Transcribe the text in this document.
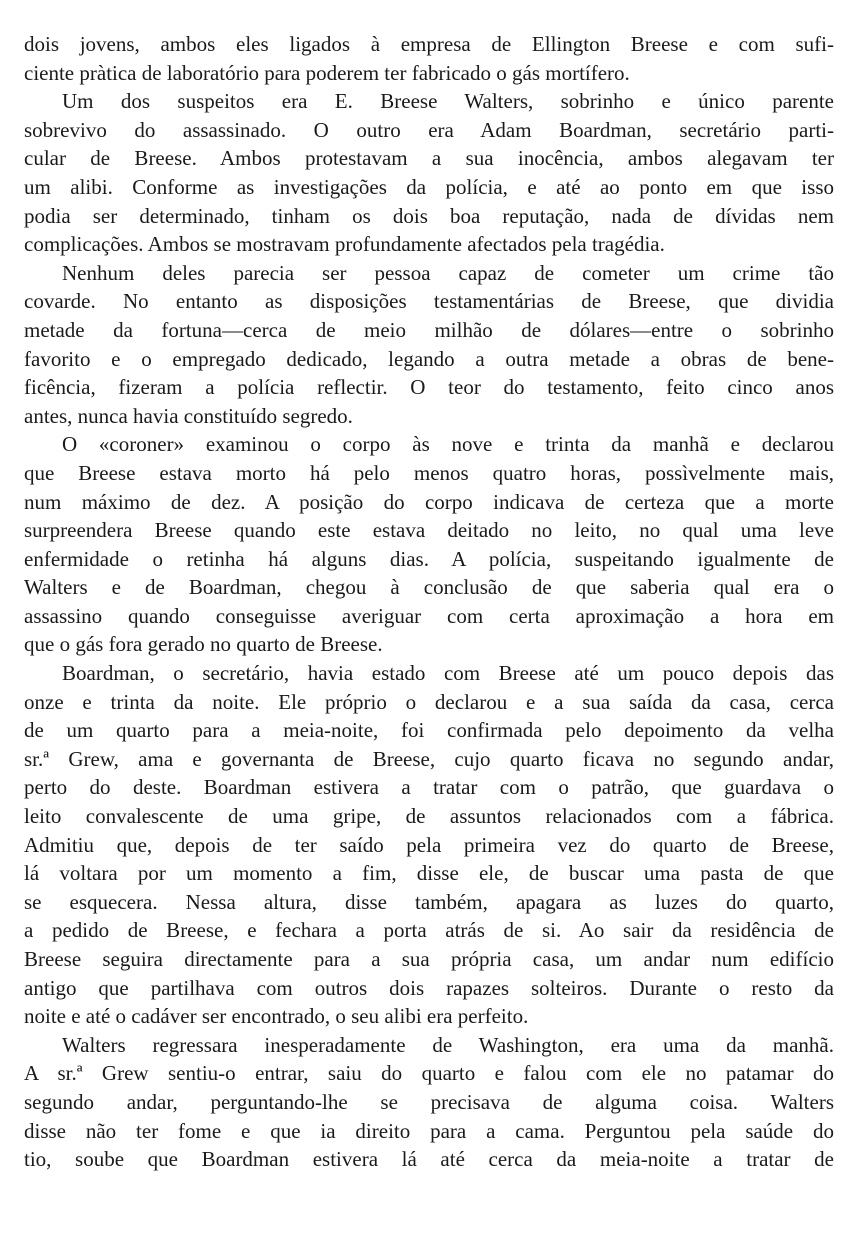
dois jovens, ambos eles ligados à empresa de Ellington Breese e com sufi-
ciente pràtica de laboratório para poderem ter fabricado o gás mortífero.
Um dos suspeitos era E. Breese Walters, sobrinho e único parente
sobrevivo do assassinado. O outro era Adam Boardman, secretário parti-
cular de Breese. Ambos protestavam a sua inocência, ambos alegavam ter
um alibi. Conforme as investigações da polícia, e até ao ponto em que isso
podia ser determinado, tinham os dois boa reputação, nada de dívidas nem
complicações. Ambos se mostravam profundamente afectados pela tragédia.
Nenhum deles parecia ser pessoa capaz de cometer um crime tão
covarde. No entanto as disposições testamentárias de Breese, que dividia
metade da fortuna—cerca de meio milhão de dólares—entre o sobrinho
favorito e o empregado dedicado, legando a outra metade a obras de bene-
ficência, fizeram a polícia reflectir. O teor do testamento, feito cinco anos
antes, nunca havia constituído segredo.
O «coroner» examinou o corpo às nove e trinta da manhã e declarou
que Breese estava morto há pelo menos quatro horas, possìvelmente mais,
num máximo de dez. A posição do corpo indicava de certeza que a morte
surpreendera Breese quando este estava deitado no leito, no qual uma leve
enfermidade o retinha há alguns dias. A polícia, suspeitando igualmente de
Walters e de Boardman, chegou à conclusão de que saberia qual era o
assassino quando conseguisse averiguar com certa aproximação a hora em
que o gás fora gerado no quarto de Breese.
Boardman, o secretário, havia estado com Breese até um pouco depois das
onze e trinta da noite. Ele próprio o declarou e a sua saída da casa, cerca
de um quarto para a meia-noite, foi confirmada pelo depoimento da velha
sr.ª Grew, ama e governanta de Breese, cujo quarto ficava no segundo andar,
perto do deste. Boardman estivera a tratar com o patrão, que guardava o
leito convalescente de uma gripe, de assuntos relacionados com a fábrica.
Admitiu que, depois de ter saído pela primeira vez do quarto de Breese,
lá voltara por um momento a fim, disse ele, de buscar uma pasta de que
se esquecera. Nessa altura, disse também, apagara as luzes do quarto,
a pedido de Breese, e fechara a porta atrás de si. Ao sair da residência de
Breese seguira directamente para a sua própria casa, um andar num edifício
antigo que partilhava com outros dois rapazes solteiros. Durante o resto da
noite e até o cadáver ser encontrado, o seu alibi era perfeito.
Walters regressara inesperadamente de Washington, era uma da manhã.
A sr.ª Grew sentiu-o entrar, saiu do quarto e falou com ele no patamar do
segundo andar, perguntando-lhe se precisava de alguma coisa. Walters
disse não ter fome e que ia direito para a cama. Perguntou pela saúde do
tio, soube que Boardman estivera lá até cerca da meia-noite a tratar de
